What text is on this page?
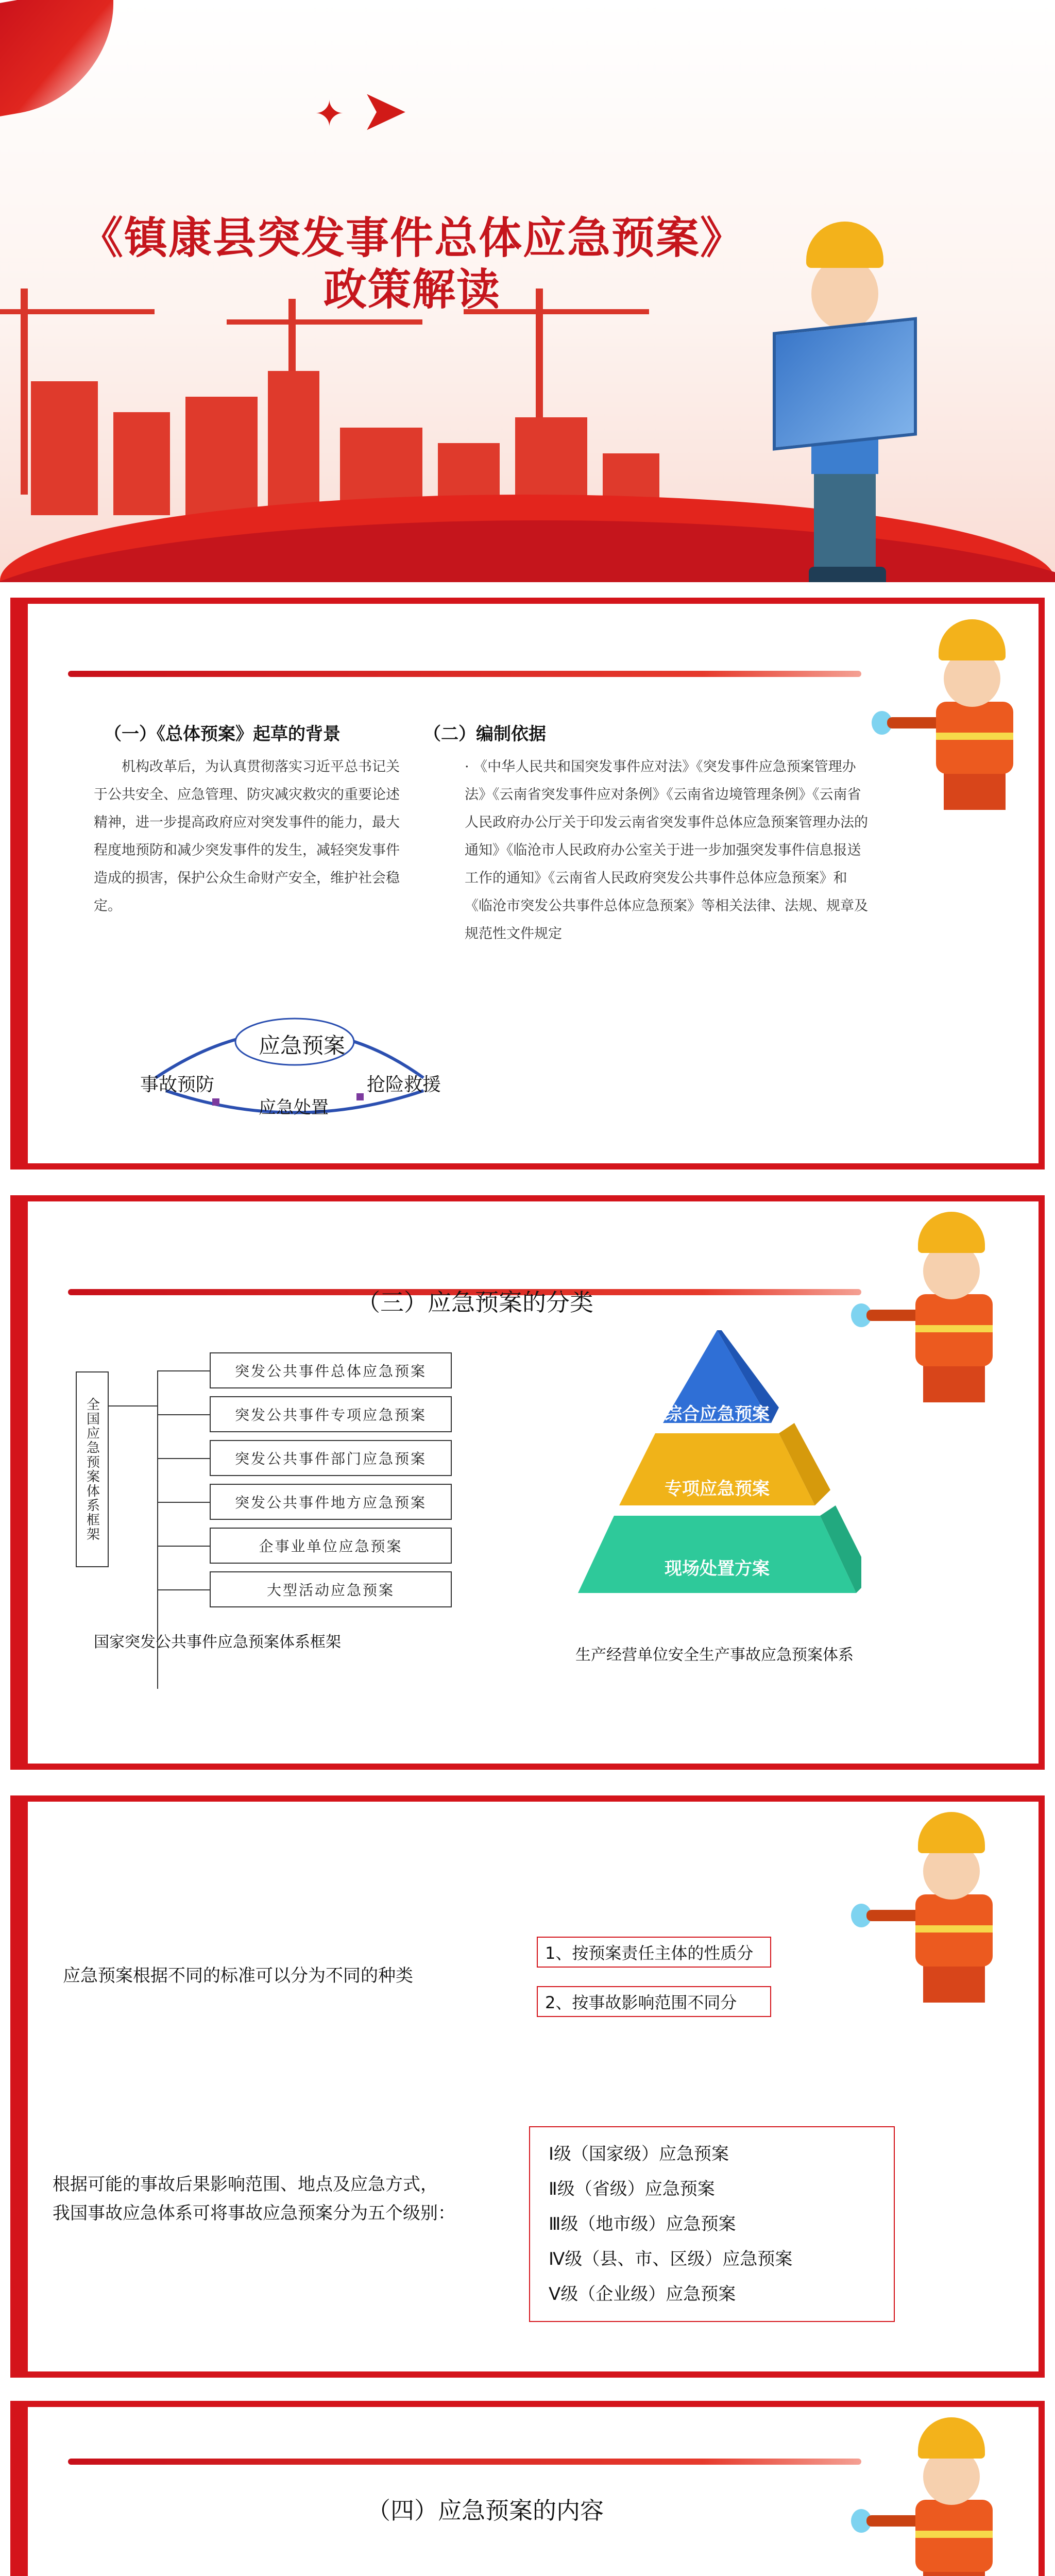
✦ ➤
《镇康县突发事件总体应急预案》
政策解读
（一）《总体预案》起草的背景
机构改革后，为认真贯彻落实习近平总书记关于公共安全、应急管理、防灾减灾救灾的重要论述精神，进一步提高政府应对突发事件的能力，最大程度地预防和减少突发事件的发生，减轻突发事件造成的损害，保护公众生命财产安全，维护社会稳定。
（二）编制依据
· 《中华人民共和国突发事件应对法》《突发事件应急预案管理办法》《云南省突发事件应对条例》《云南省边境管理条例》《云南省人民政府办公厅关于印发云南省突发事件总体应急预案管理办法的通知》《临沧市人民政府办公室关于进一步加强突发事件信息报送工作的通知》《云南省人民政府突发公共事件总体应急预案》和《临沧市突发公共事件总体应急预案》等相关法律、法规、规章及规范性文件规定
应急预案
事故预防
应急处置
抢险救援
（三）应急预案的分类
全国应急预案体系框架
突发公共事件总体应急预案
突发公共事件专项应急预案
突发公共事件部门应急预案
突发公共事件地方应急预案
企事业单位应急预案
大型活动应急预案
国家突发公共事件应急预案体系框架
综合应急预案
专项应急预案
现场处置方案
生产经营单位安全生产事故应急预案体系
应急预案根据不同的标准可以分为不同的种类
1、按预案责任主体的性质分
2、按事故影响范围不同分
根据可能的事故后果影响范围、地点及应急方式，
我国事故应急体系可将事故应急预案分为五个级别：
Ⅰ级（国家级）应急预案
Ⅱ级（省级）应急预案
Ⅲ级（地市级）应急预案
Ⅳ级（县、市、区级）应急预案
Ⅴ级（企业级）应急预案
（四）应急预案的内容
